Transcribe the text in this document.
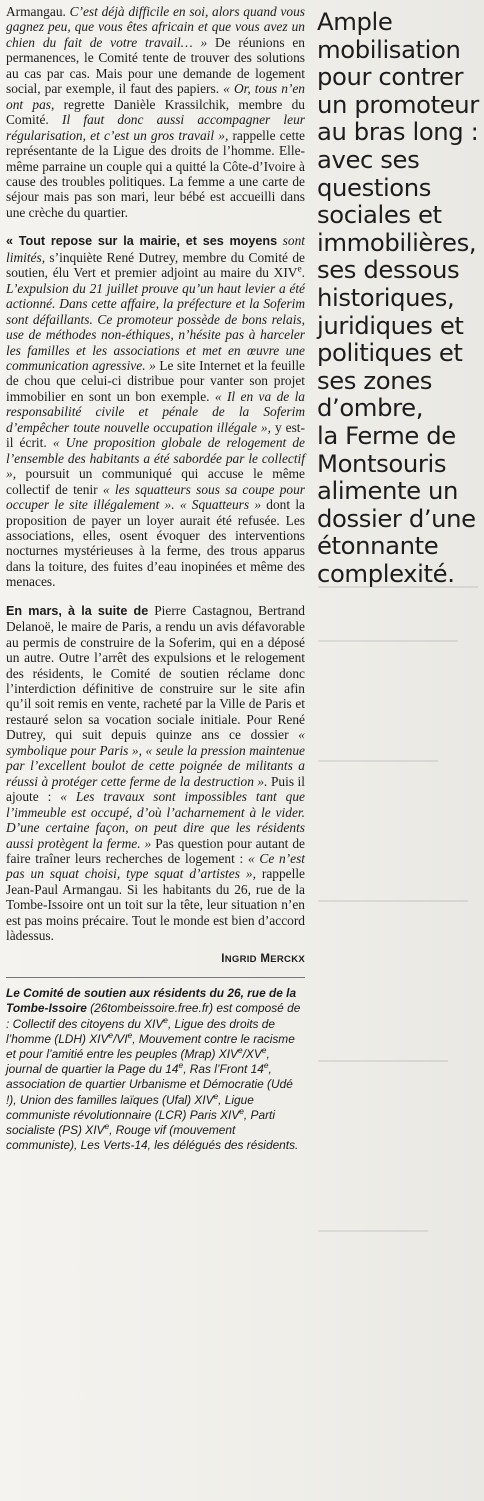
Armangau. C’est déjà difficile en soi, alors quand vous gagnez peu, que vous êtes africain et que vous avez un chien du fait de votre travail… » De réunions en permanences, le Comité tente de trouver des solutions au cas par cas. Mais pour une demande de logement social, par exemple, il faut des papiers. « Or, tous n’en ont pas, regrette Danièle Krassilchik, membre du Comité. Il faut donc aussi accompagner leur régularisation, et c’est un gros travail », rappelle cette représentante de la Ligue des droits de l’homme. Elle-même parraine un couple qui a quitté la Côte-d’Ivoire à cause des troubles politiques. La femme a une carte de séjour mais pas son mari, leur bébé est accueilli dans une crèche du quartier.

« Tout repose sur la mairie, et ses moyens sont limités, s’inquiète René Dutrey, membre du Comité de soutien, élu Vert et premier adjoint au maire du XIVe. L’expulsion du 21 juillet prouve qu’un haut levier a été actionné. Dans cette affaire, la préfecture et la Soferim sont défaillants. Ce promoteur possède de bons relais, use de méthodes non-éthiques, n’hésite pas à harceler les familles et les associations et met en œuvre une communication agressive. » Le site Internet et la feuille de chou que celui-ci distribue pour vanter son projet immobilier en sont un bon exemple. « Il en va de la responsabilité civile et pénale de la Soferim d’empêcher toute nouvelle occupation illégale », y est-il écrit. « Une proposition globale de relogement de l’ensemble des habitants a été sabordée par le collectif », poursuit un communiqué qui accuse le même collectif de tenir « les squatteurs sous sa coupe pour occuper le site illégalement ». « Squatteurs » dont la proposition de payer un loyer aurait été refusée. Les associations, elles, osent évoquer des interventions nocturnes mystérieuses à la ferme, des trous apparus dans la toiture, des fuites d’eau inopinées et même des menaces.

En mars, à la suite de Pierre Castagnou, Bertrand Delanoë, le maire de Paris, a rendu un avis défavorable au permis de construire de la Soferim, qui en a déposé un autre. Outre l’arrêt des expulsions et le relogement des résidents, le Comité de soutien réclame donc l’interdiction définitive de construire sur le site afin qu’il soit remis en vente, racheté par la Ville de Paris et restauré selon sa vocation sociale initiale. Pour René Dutrey, qui suit depuis quinze ans ce dossier « symbolique pour Paris », « seule la pression maintenue par l’excellent boulot de cette poignée de militants a réussi à protéger cette ferme de la destruction ». Puis il ajoute : « Les travaux sont impossibles tant que l’immeuble est occupé, d’où l’acharnement à le vider. D’une certaine façon, on peut dire que les résidents aussi protègent la ferme. » Pas question pour autant de faire traîner leurs recherches de logement : « Ce n’est pas un squat choisi, type squat d’artistes », rappelle Jean-Paul Armangau. Si les habitants du 26, rue de la Tombe-Issoire ont un toit sur la tête, leur situation n’en est pas moins précaire. Tout le monde est bien d’accord làdessus.

INGRID MERCKX
Le Comité de soutien aux résidents du 26, rue de la Tombe-Issoire (26tombeissoire.free.fr) est composé de : Collectif des citoyens du XIVe, Ligue des droits de l’homme (LDH) XIVe/VIe, Mouvement contre le racisme et pour l’amitié entre les peuples (Mrap) XIVe/XVe, journal de quartier la Page du 14e, Ras l’Front 14e, association de quartier Urbanisme et Démocratie (Udé !), Union des familles laïques (Ufal) XIVe, Ligue communiste révolutionnaire (LCR) Paris XIVe, Parti socialiste (PS) XIVe, Rouge vif (mouvement communiste), Les Verts-14, les délégués des résidents.
Ample
mobilisation
pour contrer
un promoteur
au bras long :
avec ses
questions
sociales et
immobilières,
ses dessous
historiques,
juridiques et
politiques et
ses zones
d’ombre,
la Ferme de
Montsouris
alimente un
dossier d’une
étonnante
complexité.
